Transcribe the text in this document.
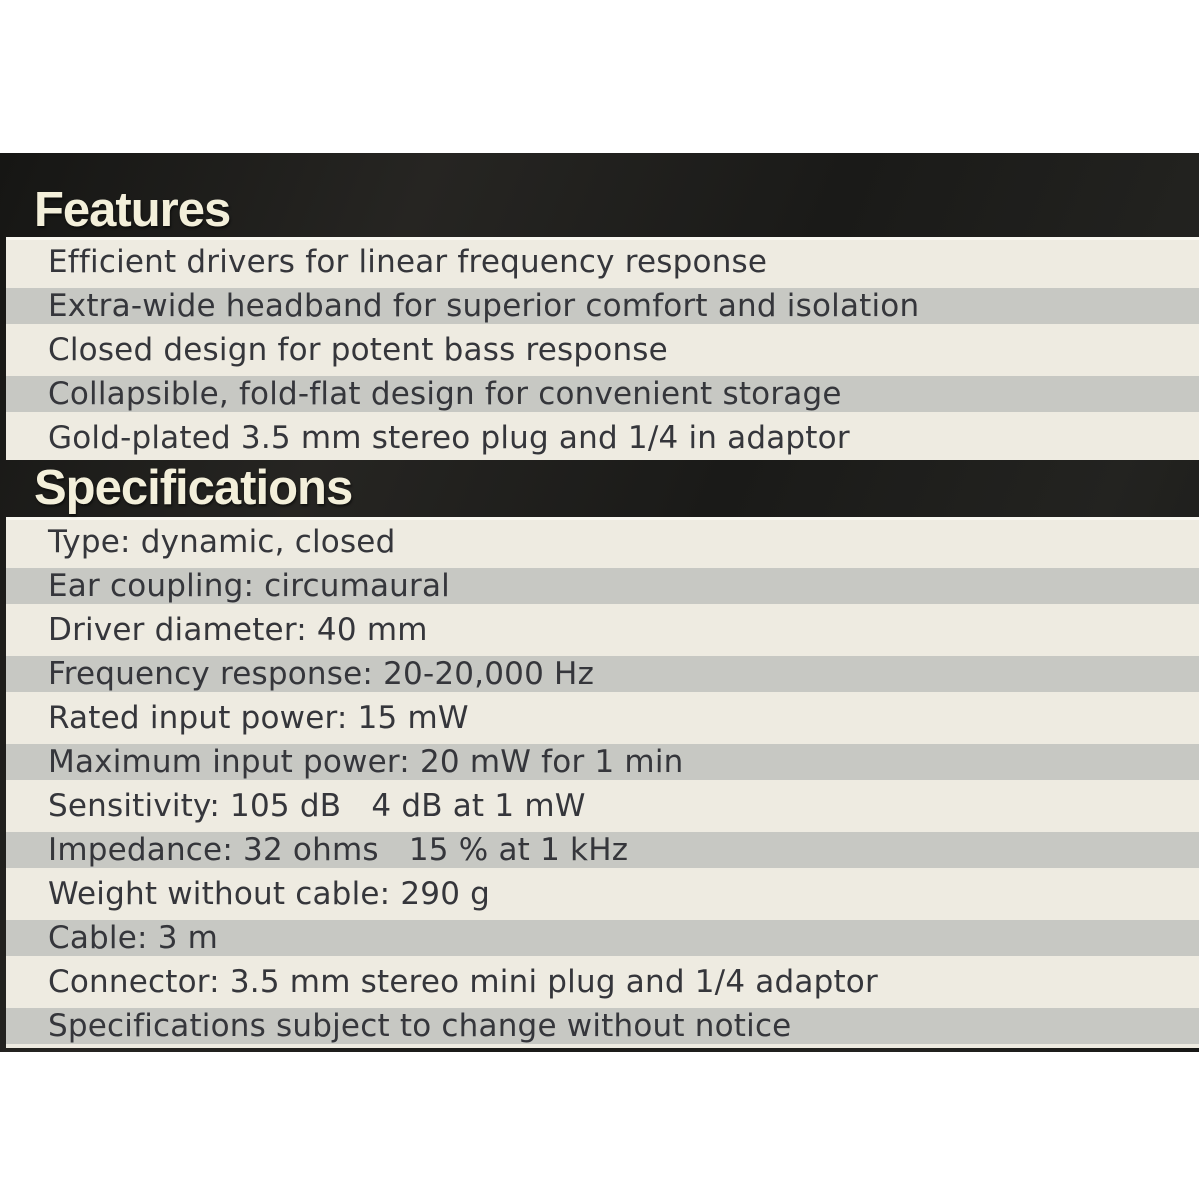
Features
Efficient drivers for linear frequency response
Extra-wide headband for superior comfort and isolation
Closed design for potent bass response
Collapsible, fold-flat design for convenient storage
Gold-plated 3.5 mm stereo plug and 1/4 in adaptor
Specifications
Type: dynamic, closed
Ear coupling: circumaural
Driver diameter: 40 mm
Frequency response: 20-20,000 Hz
Rated input power: 15 mW
Maximum input power: 20 mW for 1 min
Sensitivity: 105 dB   4 dB at 1 mW
Impedance: 32 ohms   15 % at 1 kHz
Weight without cable: 290 g
Cable: 3 m
Connector: 3.5 mm stereo mini plug and 1/4 adaptor
Specifications subject to change without notice
